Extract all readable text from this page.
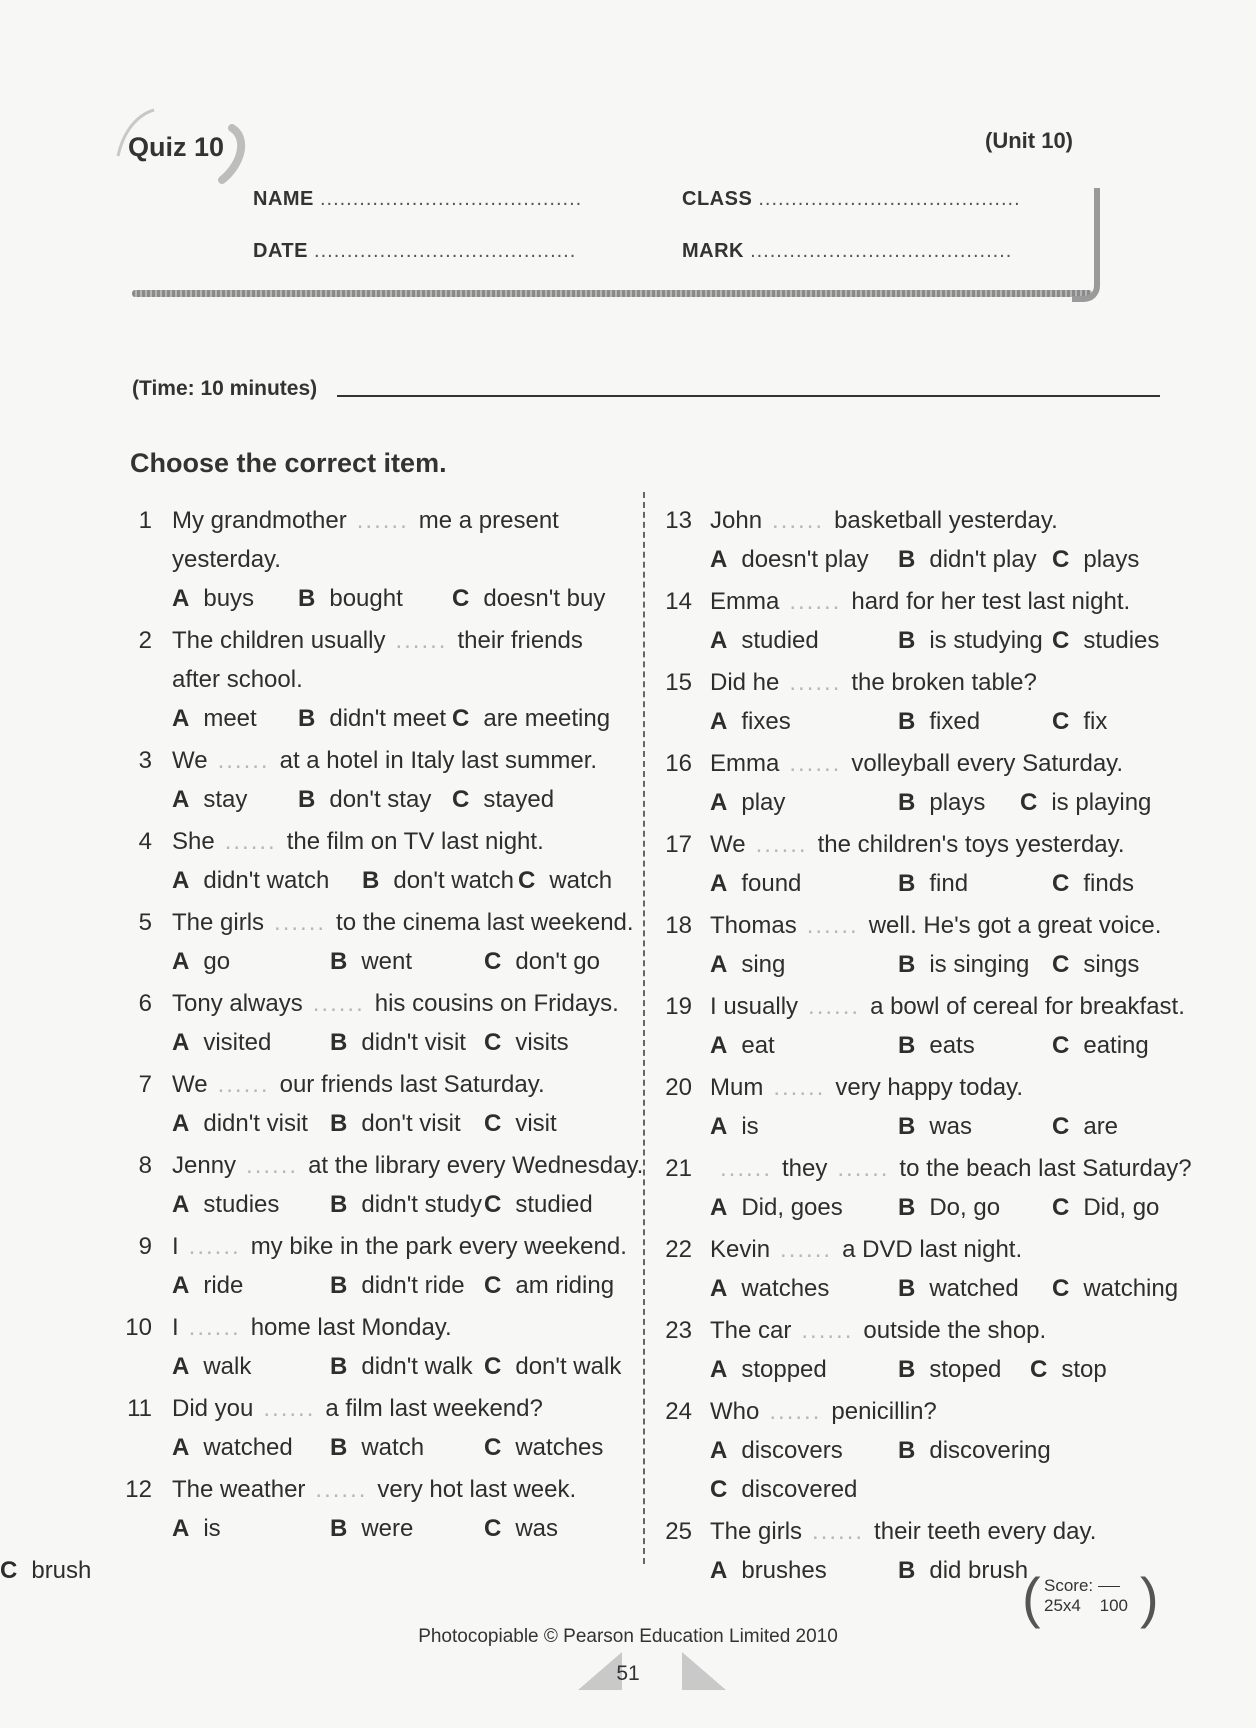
Quiz 10	(Unit 10)
NAME ........................................	CLASS ........................................
DATE ........................................	MARK ........................................
(Time: 10 minutes)
Choose the correct item.
1 My grandmother ...... me a present
yesterday.
A buys B bought C doesn't buy
2 The children usually ...... their friends
after school.
A meet B didn't meet C are meeting
3 We ...... at a hotel in Italy last summer.
A stay B don't stay C stayed
4 She ...... the film on TV last night.
A didn't watch B don't watch C watch
5 The girls ...... to the cinema last weekend.
A go	B went	C don't go
6 Tony always ...... his cousins on Fridays.
A visited B didn't visit C visits
7 We ...... our friends last Saturday.
A didn't visit B don't visit C visit
8 Jenny ...... at the library every Wednesday.
A studies B didn't study C studied
9 I ...... my bike in the park every weekend.
A ride	B didn't ride C am riding
10 I ...... home last Monday.
A walk	B didn't walk C don't walk
11 Did you ...... a film last weekend?
A watched B watch C watches
12 The weather ...... very hot last week.
A is	B were	C was
13 John ...... basketball yesterday.
A doesn't play B didn't play C plays
14 Emma ...... hard for her test last night.
A studied	B is studying C studies
15 Did he ...... the broken table?
A fixes	B fixed	C fix
16 Emma ...... volleyball every Saturday.
A play	B plays C is playing
17 We ...... the children's toys yesterday.
A found	B find	C finds
18 Thomas ...... well. He's got a great voice.
A sing	B is singing C sings
19 I usually ...... a bowl of cereal for breakfast.
A eat	B eats	C eating
20 Mum ...... very happy today.
A is	B was	C are
21	...... they ...... to the beach last Saturday?
A Did, goes B Do, go C Did, go
22 Kevin ...... a DVD last night.
A watches	B watched C watching
23 The car ...... outside the shop.
A stopped	B stoped C stop
24 Who ...... penicillin?
A discovers B discovering
C discovered
25 The girls ...... their teeth every day.
A brushes	B did brush
C brush	( Score:
25x4 100 )
Photocopiable © Pearson Education Limited 2010
51
